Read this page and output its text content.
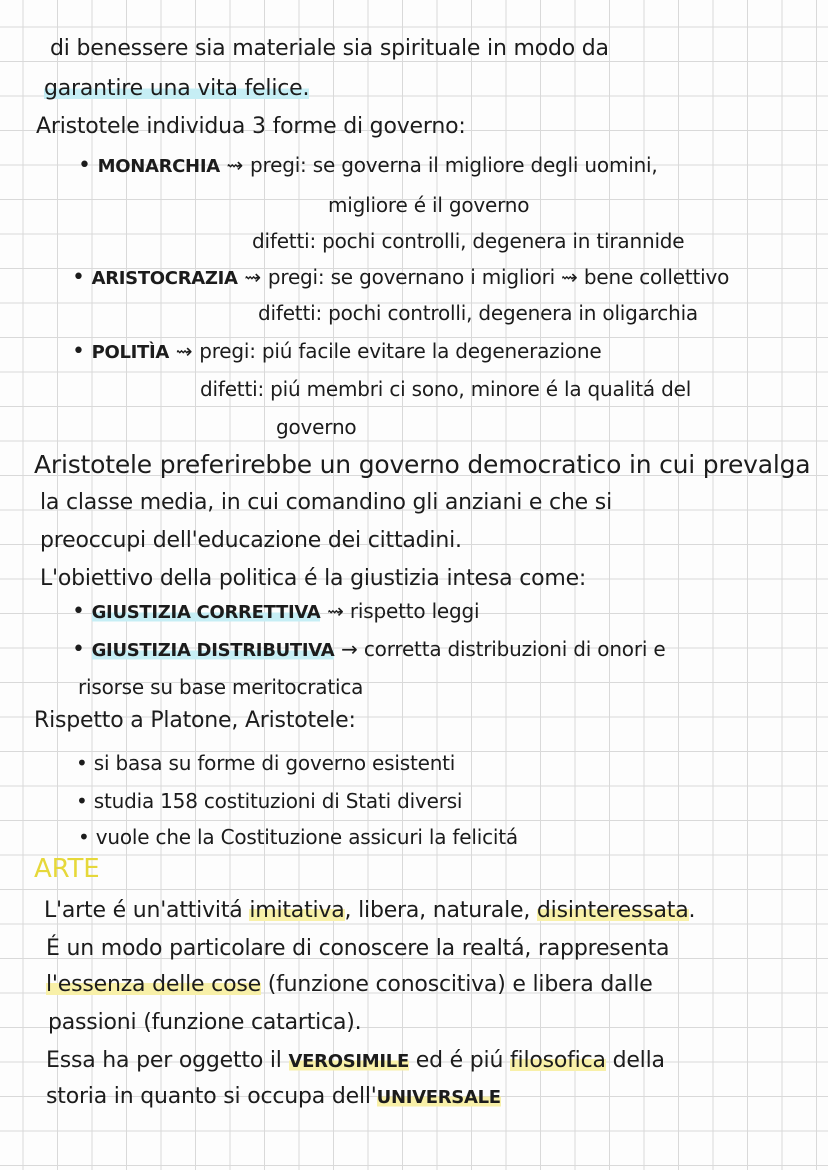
di benessere sia materiale sia spirituale in modo da
garantire una vita felice.
Aristotele individua 3 forme di governo:
• MONARCHIA ⇝ pregi: se governa il migliore degli uomini,
migliore é il governo
difetti: pochi controlli, degenera in tirannide
• ARISTOCRAZIA ⇝ pregi: se governano i migliori ⇝ bene collettivo
difetti: pochi controlli, degenera in oligarchia
• POLITÌA ⇝ pregi: piú facile evitare la degenerazione
difetti: piú membri ci sono, minore é la qualitá del
governo
Aristotele preferirebbe un governo democratico in cui prevalga
la classe media, in cui comandino gli anziani e che si
preoccupi dell'educazione dei cittadini.
L'obiettivo della politica é la giustizia intesa come:
• GIUSTIZIA CORRETTIVA ⇝ rispetto leggi
• GIUSTIZIA DISTRIBUTIVA → corretta distribuzioni di onori e
risorse su base meritocratica
Rispetto a Platone, Aristotele:
• si basa su forme di governo esistenti
• studia 158 costituzioni di Stati diversi
• vuole che la Costituzione assicuri la felicitá
ARTE
L'arte é un'attivitá imitativa, libera, naturale, disinteressata.
É un modo particolare di conoscere la realtá, rappresenta
l'essenza delle cose (funzione conoscitiva) e libera dalle
passioni (funzione catartica).
Essa ha per oggetto il VEROSIMILE ed é piú filosofica della
storia in quanto si occupa dell'UNIVERSALE
